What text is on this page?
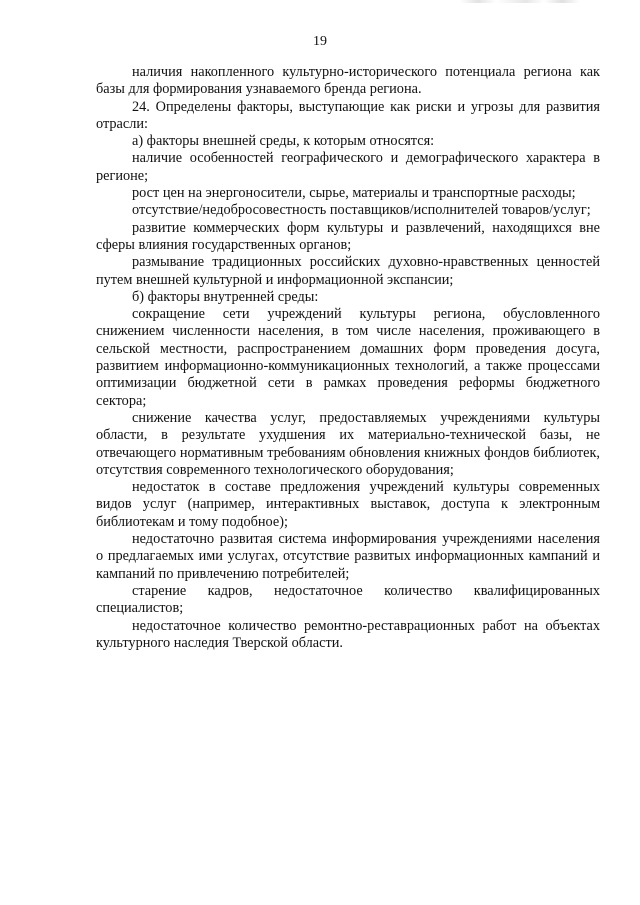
19

наличия накопленного культурно-исторического потенциала региона как базы для формирования узнаваемого бренда региона.

24. Определены факторы, выступающие как риски и угрозы для развития отрасли:

а) факторы внешней среды, к которым относятся:

наличие особенностей географического и демографического характера в регионе;

рост цен на энергоносители, сырье, материалы и транспортные расходы;

отсутствие/недобросовестность поставщиков/исполнителей товаров/услуг;

развитие коммерческих форм культуры и развлечений, находящихся вне сферы влияния государственных органов;

размывание традиционных российских духовно-нравственных ценностей путем внешней культурной и информационной экспансии;

б) факторы внутренней среды:

сокращение сети учреждений культуры региона, обусловленного снижением численности населения, в том числе населения, проживающего в сельской местности, распространением домашних форм проведения досуга, развитием информационно-коммуникационных технологий, а также процессами оптимизации бюджетной сети в рамках проведения реформы бюджетного сектора;

снижение качества услуг, предоставляемых учреждениями культуры области, в результате ухудшения их материально-технической базы, не отвечающего нормативным требованиям обновления книжных фондов библиотек, отсутствия современного технологического оборудования;

недостаток в составе предложения учреждений культуры современных видов услуг (например, интерактивных выставок, доступа к электронным библиотекам и тому подобное);

недостаточно развитая система информирования учреждениями населения о предлагаемых ими услугах, отсутствие развитых информационных кампаний и кампаний по привлечению потребителей;

старение кадров, недостаточное количество квалифицированных специалистов;

недостаточное количество ремонтно-реставрационных работ на объектах культурного наследия Тверской области.
